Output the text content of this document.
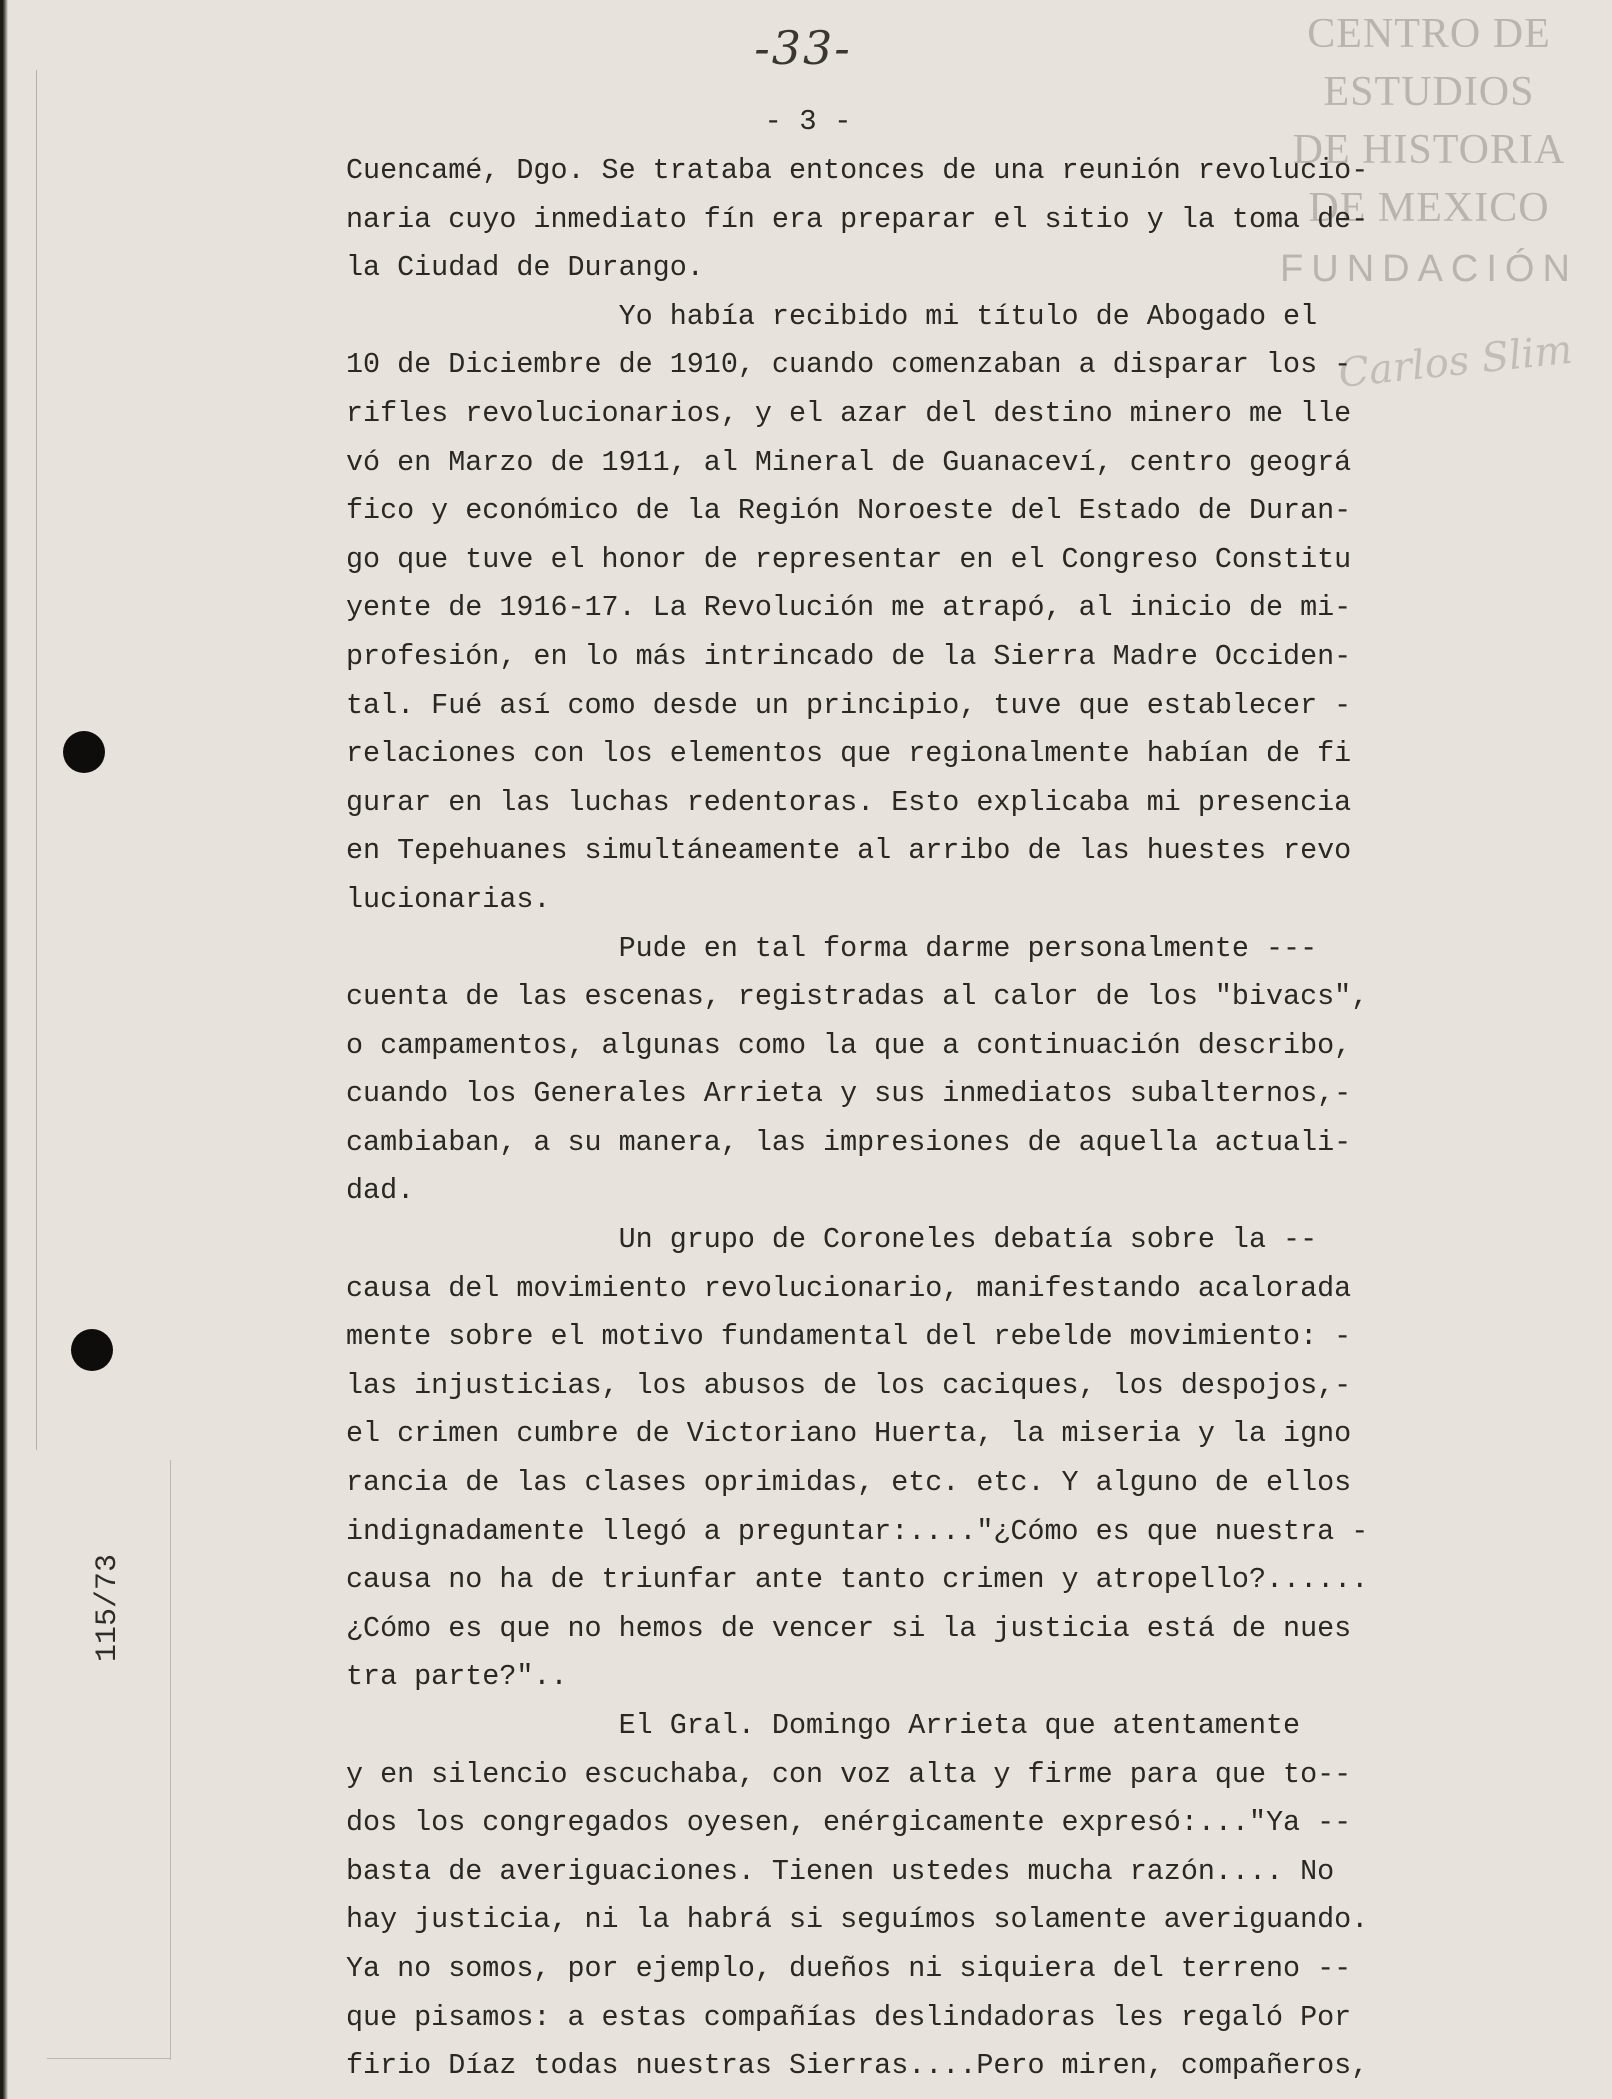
-33-
- 3 -
CENTRO DE
ESTUDIOS
DE HISTORIA
DE MEXICO
FUNDACIÓN
Carlos Slim
115/73
Cuencamé, Dgo. Se trataba entonces de una reunión revolucio-
naria cuyo inmediato fín era preparar el sitio y la toma de-
la Ciudad de Durango.
Yo había recibido mi título de Abogado el
10 de Diciembre de 1910, cuando comenzaban a disparar los -
rifles revolucionarios, y el azar del destino minero me lle
vó en Marzo de 1911, al Mineral de Guanaceví, centro geográ
fico y económico de la Región Noroeste del Estado de Duran-
go que tuve el honor de representar en el Congreso Constitu
yente de 1916-17. La Revolución me atrapó, al inicio de mi-
profesión, en lo más intrincado de la Sierra Madre Occiden-
tal. Fué así como desde un principio, tuve que establecer -
relaciones con los elementos que regionalmente habían de fi
gurar en las luchas redentoras. Esto explicaba mi presencia
en Tepehuanes simultáneamente al arribo de las huestes revo
lucionarias.
Pude en tal forma darme personalmente ---
cuenta de las escenas, registradas al calor de los "bivacs",
o campamentos, algunas como la que a continuación describo,
cuando los Generales Arrieta y sus inmediatos subalternos,-
cambiaban, a su manera, las impresiones de aquella actuali-
dad.
Un grupo de Coroneles debatía sobre la --
causa del movimiento revolucionario, manifestando acalorada
mente sobre el motivo fundamental del rebelde movimiento: -
las injusticias, los abusos de los caciques, los despojos,-
el crimen cumbre de Victoriano Huerta, la miseria y la igno
rancia de las clases oprimidas, etc. etc. Y alguno de ellos
indignadamente llegó a preguntar:...."¿Cómo es que nuestra -
causa no ha de triunfar ante tanto crimen y atropello?......
¿Cómo es que no hemos de vencer si la justicia está de nues
tra parte?"..
El Gral. Domingo Arrieta que atentamente
y en silencio escuchaba, con voz alta y firme para que to--
dos los congregados oyesen, enérgicamente expresó:..."Ya --
basta de averiguaciones. Tienen ustedes mucha razón.... No
hay justicia, ni la habrá si seguímos solamente averiguando.
Ya no somos, por ejemplo, dueños ni siquiera del terreno --
que pisamos: a estas compañías deslindadoras les regaló Por
firio Díaz todas nuestras Sierras....Pero miren, compañeros,
